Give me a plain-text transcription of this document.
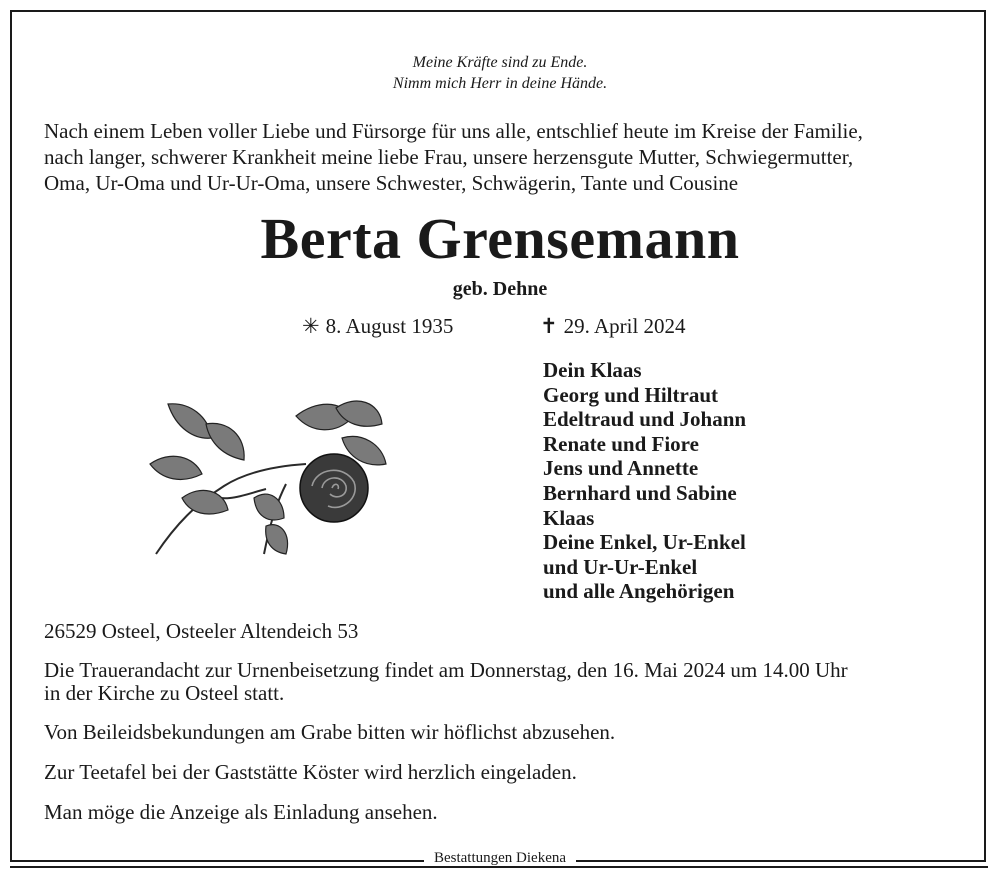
Meine Kräfte sind zu Ende.
Nimm mich Herr in deine Hände.
Nach einem Leben voller Liebe und Fürsorge für uns alle, entschlief heute im Kreise der Familie,
nach langer, schwerer Krankheit meine liebe Frau, unsere herzensgute Mutter, Schwiegermutter,
Oma, Ur-Oma und Ur-Ur-Oma, unsere Schwester, Schwägerin, Tante und Cousine
Berta Grensemann
geb. Dehne
✳ 8. August 1935	✝ 29. April 2024
Dein Klaas
Georg und Hiltraut
Edeltraud und Johann
Renate und Fiore
Jens und Annette
Bernhard und Sabine
Klaas
Deine Enkel, Ur-Enkel
und Ur-Ur-Enkel
und alle Angehörigen
26529 Osteel, Osteeler Altendeich 53
Die Trauerandacht zur Urnenbeisetzung findet am Donnerstag, den 16. Mai 2024 um 14.00 Uhr
in der Kirche zu Osteel statt.
Von Beileidsbekundungen am Grabe bitten wir höflichst abzusehen.
Zur Teetafel bei der Gaststätte Köster wird herzlich eingeladen.
Man möge die Anzeige als Einladung ansehen.
Bestattungen Diekena
